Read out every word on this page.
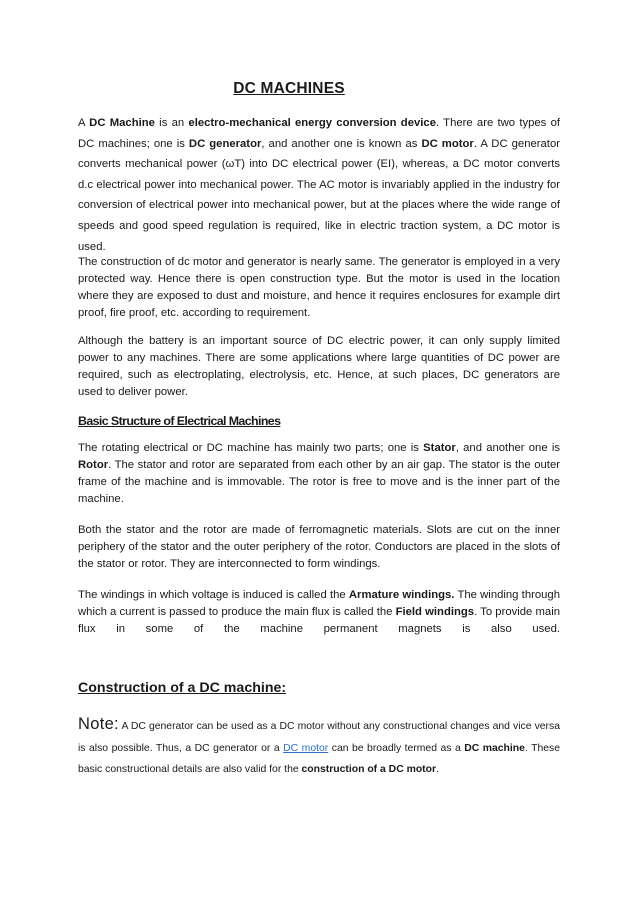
DC MACHINES

A DC Machine is an electro-mechanical energy conversion device. There are two types of DC machines; one is DC generator, and another one is known as DC motor. A DC generator converts mechanical power (ωT) into DC electrical power (EI), whereas, a DC motor converts d.c electrical power into mechanical power. The AC motor is invariably applied in the industry for conversion of electrical power into mechanical power, but at the places where the wide range of speeds and good speed regulation is required, like in electric traction system, a DC motor is used.

The construction of dc motor and generator is nearly same. The generator is employed in a very protected way. Hence there is open construction type. But the motor is used in the location where they are exposed to dust and moisture, and hence it requires enclosures for example dirt proof, fire proof, etc. according to requirement.

Although the battery is an important source of DC electric power, it can only supply limited power to any machines. There are some applications where large quantities of DC power are required, such as electroplating, electrolysis, etc. Hence, at such places, DC generators are used to deliver power.

Basic Structure of Electrical Machines

The rotating electrical or DC machine has mainly two parts; one is Stator, and another one is Rotor. The stator and rotor are separated from each other by an air gap. The stator is the outer frame of the machine and is immovable. The rotor is free to move and is the inner part of the machine.

Both the stator and the rotor are made of ferromagnetic materials. Slots are cut on the inner periphery of the stator and the outer periphery of the rotor. Conductors are placed in the slots of the stator or rotor. They are interconnected to form windings.

The windings in which voltage is induced is called the Armature windings. The winding through which a current is passed to produce the main flux is called the Field windings. To provide main flux in some of the machine permanent magnets is also used.

Construction of a DC machine:

Note: A DC generator can be used as a DC motor without any constructional changes and vice versa is also possible. Thus, a DC generator or a DC motor can be broadly termed as a DC machine. These basic constructional details are also valid for the construction of a DC motor.
